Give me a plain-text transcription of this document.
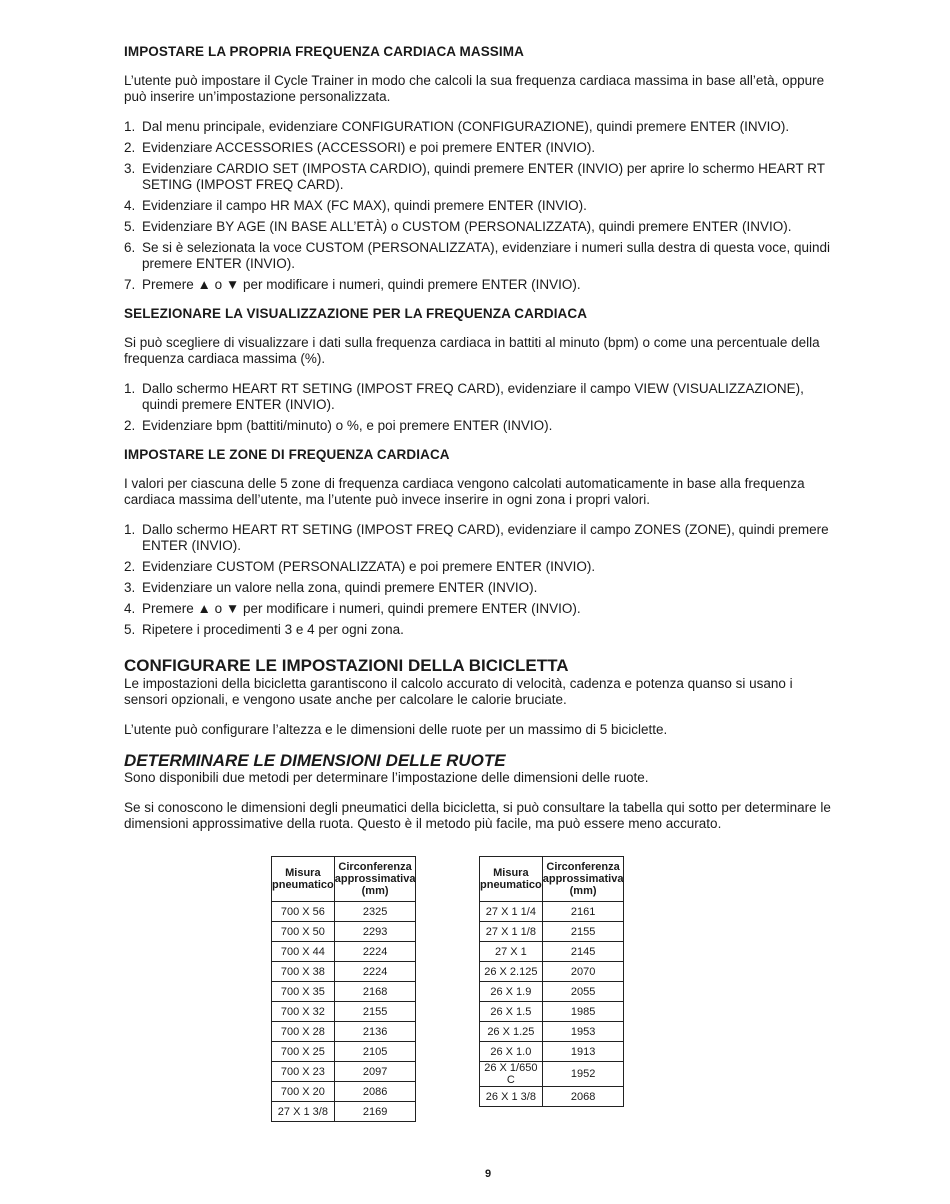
IMPOSTARE LA PROPRIA FREQUENZA CARDIACA MASSIMA

L’utente può impostare il Cycle Trainer in modo che calcoli la sua frequenza cardiaca massima in base all’età, oppure può inserire un’impostazione personalizzata.

1. Dal menu principale, evidenziare CONFIGURATION (CONFIGURAZIONE), quindi premere ENTER (INVIO).
2. Evidenziare ACCESSORIES (ACCESSORI) e poi premere ENTER (INVIO).
3. Evidenziare CARDIO SET (IMPOSTA CARDIO), quindi premere ENTER (INVIO) per aprire lo schermo HEART RT SETING (IMPOST FREQ CARD).
4. Evidenziare il campo HR MAX (FC MAX), quindi premere ENTER (INVIO).
5. Evidenziare BY AGE (IN BASE ALL’ETÀ) o CUSTOM (PERSONALIZZATA), quindi premere ENTER (INVIO).
6. Se si è selezionata la voce CUSTOM (PERSONALIZZATA), evidenziare i numeri sulla destra di questa voce, quindi premere ENTER (INVIO).
7. Premere ▲ o ▼ per modificare i numeri, quindi premere ENTER (INVIO).
SELEZIONARE LA VISUALIZZAZIONE PER LA FREQUENZA CARDIACA

Si può scegliere di visualizzare i dati sulla frequenza cardiaca in battiti al minuto (bpm) o come una percentuale della frequenza cardiaca massima (%).

1. Dallo schermo HEART RT SETING (IMPOST FREQ CARD), evidenziare il campo VIEW (VISUALIZZAZIONE), quindi premere ENTER (INVIO).
2. Evidenziare bpm (battiti/minuto) o %, e poi premere ENTER (INVIO).
IMPOSTARE LE ZONE DI FREQUENZA CARDIACA

I valori per ciascuna delle 5 zone di frequenza cardiaca vengono calcolati automaticamente in base alla frequenza cardiaca massima dell’utente, ma l’utente può invece inserire in ogni zona i propri valori.

1. Dallo schermo HEART RT SETING (IMPOST FREQ CARD), evidenziare il campo ZONES (ZONE), quindi premere ENTER (INVIO).
2. Evidenziare CUSTOM (PERSONALIZZATA) e poi premere ENTER (INVIO).
3. Evidenziare un valore nella zona, quindi premere ENTER (INVIO).
4. Premere ▲ o ▼ per modificare i numeri, quindi premere ENTER (INVIO).
5. Ripetere i procedimenti 3 e 4 per ogni zona.
CONFIGURARE LE IMPOSTAZIONI DELLA BICICLETTA

Le impostazioni della bicicletta garantiscono il calcolo accurato di velocità, cadenza e potenza quanso si usano i sensori opzionali, e vengono usate anche per calcolare le calorie bruciate.

L’utente può configurare l’altezza e le dimensioni delle ruote per un massimo di 5 biciclette.

DETERMINARE LE DIMENSIONI DELLE RUOTE

Sono disponibili due metodi per determinare l’impostazione delle dimensioni delle ruote.

Se si conoscono le dimensioni degli pneumatici della bicicletta, si può consultare la tabella qui sotto per determinare le dimensioni approssimative della ruota. Questo è il metodo più facile, ma può essere meno accurato.

Misura pneumatico	Circonferenza approssimativa (mm)
700 X 56	2325
700 X 50	2293
700 X 44	2224
700 X 38	2224
700 X 35	2168
700 X 32	2155
700 X 28	2136
700 X 25	2105
700 X 23	2097
700 X 20	2086
27 X 1 3/8	2169
Misura pneumatico	Circonferenza approssimativa (mm)
27 X 1 1/4	2161
27 X 1 1/8	2155
27 X 1	2145
26 X 2.125	2070
26 X 1.9	2055
26 X 1.5	1985
26 X 1.25	1953
26 X 1.0	1913
26 X 1/650 C	1952
26 X 1 3/8	2068
9
